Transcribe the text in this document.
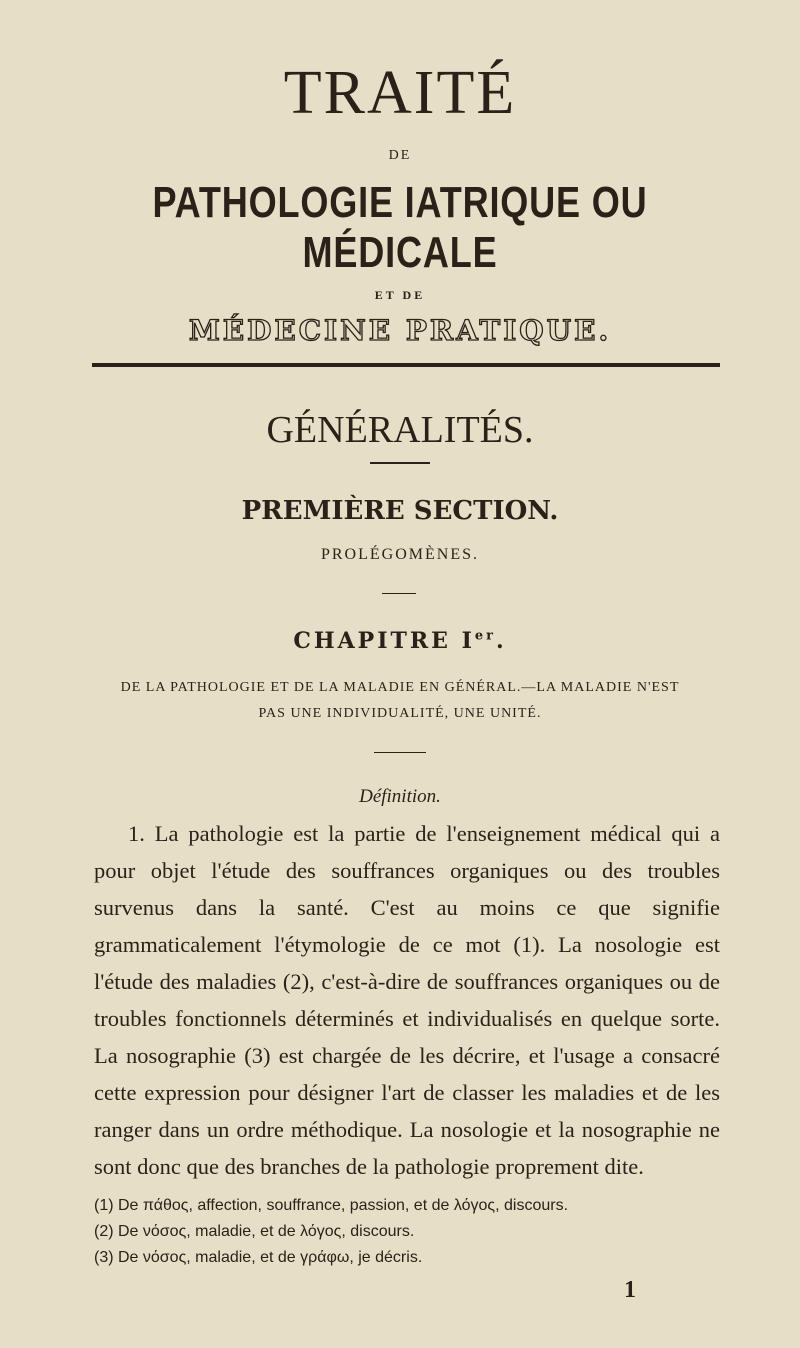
TRAITÉ
DE
PATHOLOGIE IATRIQUE OU MÉDICALE
ET DE
MÉDECINE PRATIQUE.
GÉNÉRALITÉS.
PREMIÈRE SECTION.
PROLÉGOMÈNES.
CHAPITRE Ier.
DE LA PATHOLOGIE ET DE LA MALADIE EN GÉNÉRAL.—LA MALADIE N'EST
PAS UNE INDIVIDUALITÉ, UNE UNITÉ.
Définition.

1. La pathologie est la partie de l'enseignement médical qui a pour objet l'étude des souffrances organiques ou des troubles survenus dans la santé. C'est au moins ce que signifie grammaticalement l'étymologie de ce mot (1). La nosologie est l'étude des maladies (2), c'est-à-dire de souffrances organiques ou de troubles fonctionnels déterminés et individualisés en quelque sorte. La nosographie (3) est chargée de les décrire, et l'usage a consacré cette expression pour désigner l'art de classer les maladies et de les ranger dans un ordre méthodique. La nosologie et la nosographie ne sont donc que des branches de la pathologie proprement dite.

(1) De πάθος, affection, souffrance, passion, et de λόγος, discours.
(2) De νόσος, maladie, et de λόγος, discours.
(3) De νόσος, maladie, et de γράφω, je décris.
1
